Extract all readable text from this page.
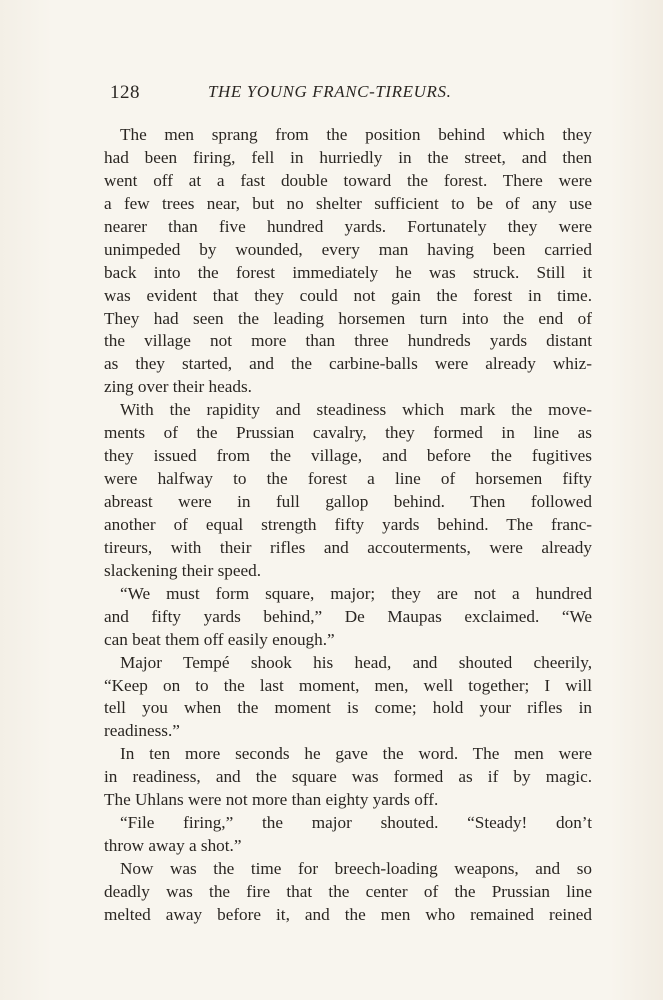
128	THE YOUNG FRANC-TIREURS.
The men sprang from the position behind which they
had been firing, fell in hurriedly in the street, and then
went off at a fast double toward the forest. There were
a few trees near, but no shelter sufficient to be of any use
nearer than five hundred yards. Fortunately they were
unimpeded by wounded, every man having been carried
back into the forest immediately he was struck. Still it
was evident that they could not gain the forest in time.
They had seen the leading horsemen turn into the end of
the village not more than three hundreds yards distant
as they started, and the carbine-balls were already whiz-
zing over their heads.
With the rapidity and steadiness which mark the move-
ments of the Prussian cavalry, they formed in line as
they issued from the village, and before the fugitives
were halfway to the forest a line of horsemen fifty
abreast were in full gallop behind. Then followed
another of equal strength fifty yards behind. The franc-
tireurs, with their rifles and accouterments, were already
slackening their speed.
“We must form square, major; they are not a hundred
and fifty yards behind,” De Maupas exclaimed. “We
can beat them off easily enough.”
Major Tempé shook his head, and shouted cheerily,
“Keep on to the last moment, men, well together; I will
tell you when the moment is come; hold your rifles in
readiness.”
In ten more seconds he gave the word. The men were
in readiness, and the square was formed as if by magic.
The Uhlans were not more than eighty yards off.
“File firing,” the major shouted. “Steady! don’t
throw away a shot.”
Now was the time for breech-loading weapons, and so
deadly was the fire that the center of the Prussian line
melted away before it, and the men who remained reined
